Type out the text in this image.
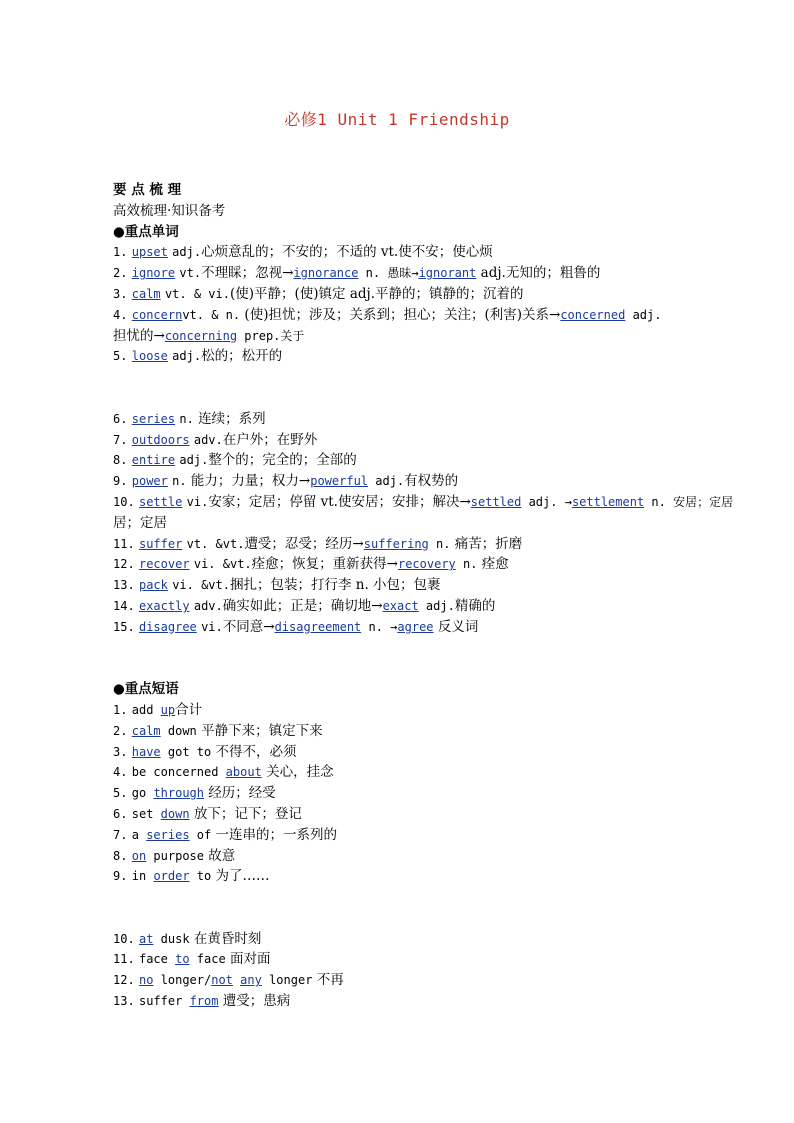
必修1 Unit 1 Friendship
要 点 梳 理
高效梳理·知识备考
●重点单词
1. upset adj.心烦意乱的；不安的；不适的 vt.使不安；使心烦
2. ignore vt.不理睬；忽视→ignorance n. 愚昧→ignorant adj.无知的；粗鲁的
3. calm vt. & vi.(使)平静；(使)镇定 adj.平静的；镇静的；沉着的
4. concernvt. & n. (使)担忧；涉及；关系到；担心；关注；(利害)关系→concerned adj.
担忧的→concerning prep.关于
5. loose adj.松的；松开的
6. series n. 连续；系列
7. outdoors adv.在户外；在野外
8. entire adj.整个的；完全的；全部的
9. power n. 能力；力量；权力→powerful adj.有权势的
10. settle vi.安家；定居；停留 vt.使安居；安排；解决→settled adj. →settlement n. 安居；定居
居；定居
11. suffer vt. &vt.遭受；忍受；经历→suffering n. 痛苦；折磨
12. recover vi. &vt.痊愈；恢复；重新获得→recovery n. 痊愈
13. pack vi. &vt.捆扎；包装；打行李 n. 小包；包裹
14. exactly adv.确实如此；正是；确切地→exact adj.精确的
15. disagree vi.不同意→disagreement n. →agree 反义词
●重点短语
1. add up合计
2. calm down 平静下来；镇定下来
3. have got to 不得不，必须
4. be concerned about 关心，挂念
5. go through 经历；经受
6. set down 放下；记下；登记
7. a series of 一连串的；一系列的
8. on purpose 故意
9. in order to 为了……
10. at dusk 在黄昏时刻
11. face to face 面对面
12. no longer/not any longer 不再
13. suffer from 遭受；患病
